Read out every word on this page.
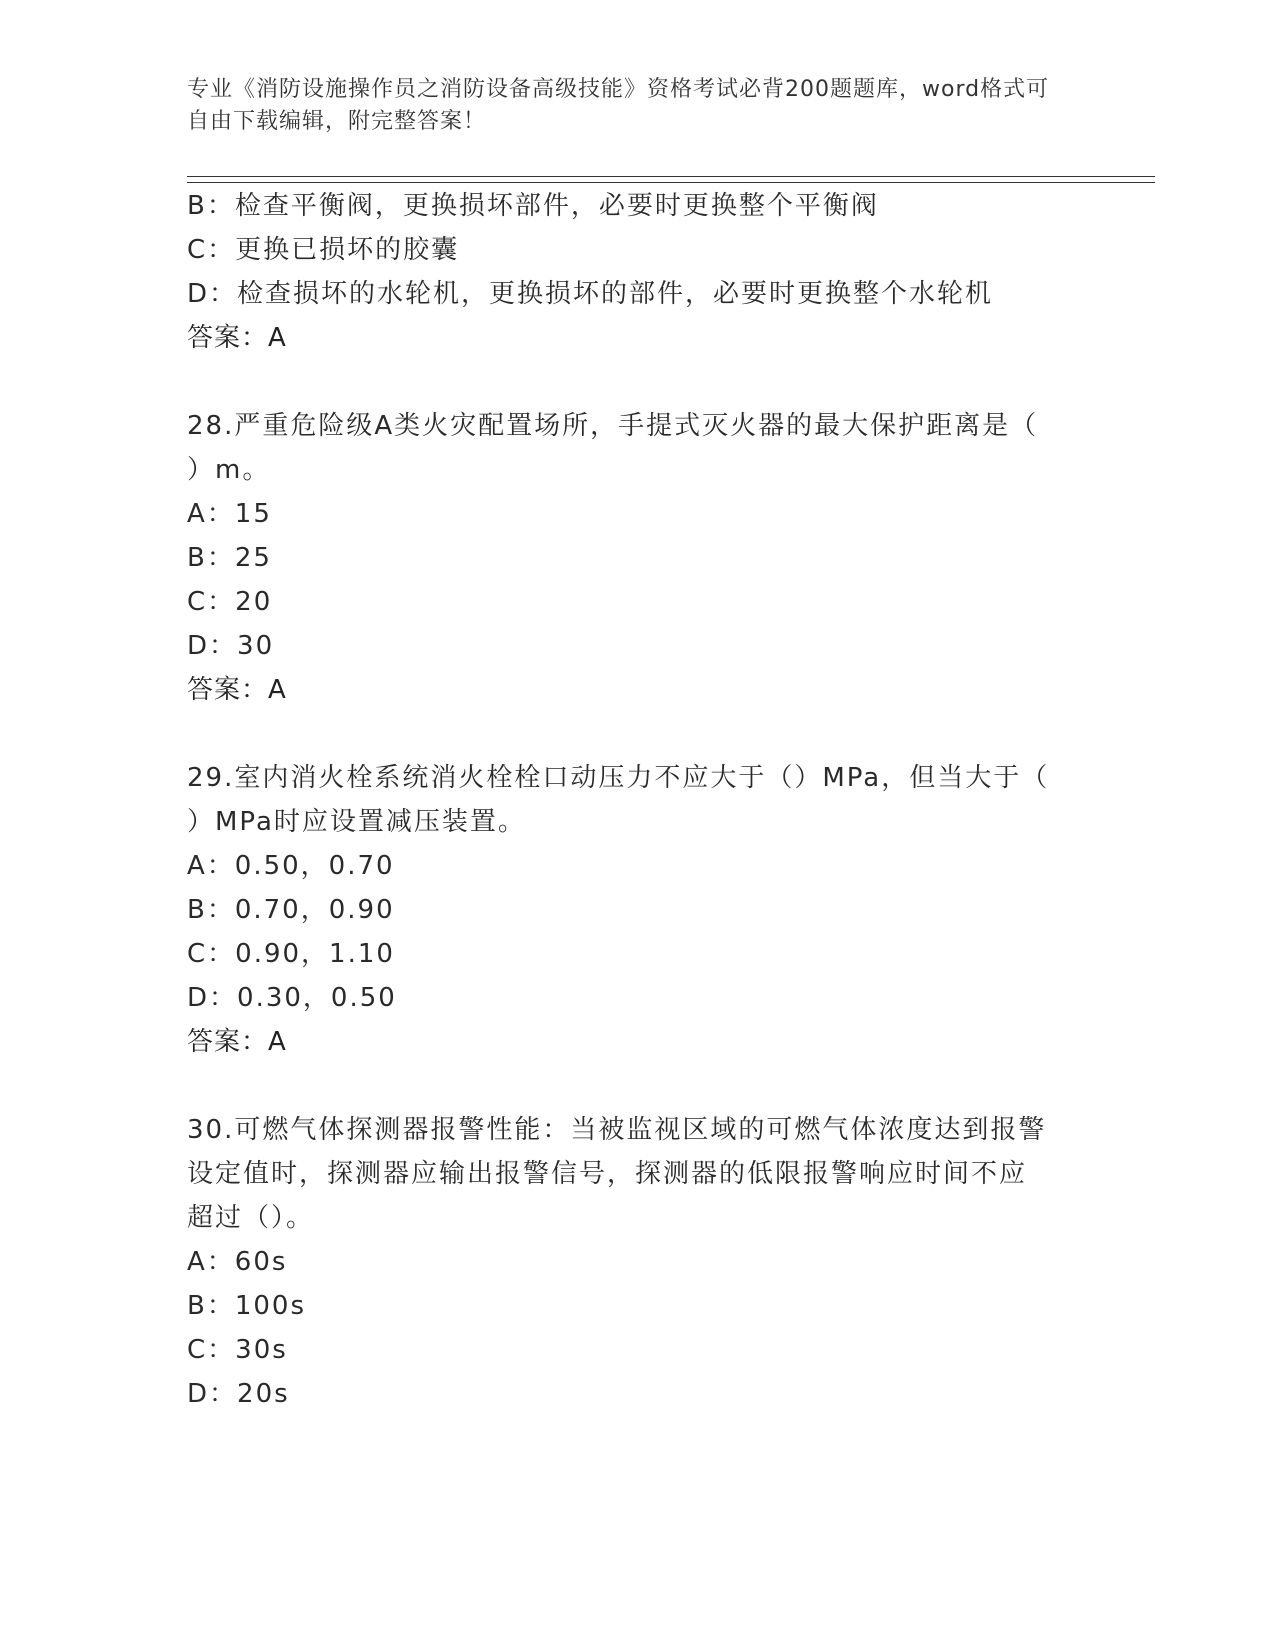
专业《消防设施操作员之消防设备高级技能》资格考试必背200题题库，word格式可自由下载编辑，附完整答案！
B：检查平衡阀，更换损坏部件，必要时更换整个平衡阀
C：更换已损坏的胶囊
D：检查损坏的水轮机，更换损坏的部件，必要时更换整个水轮机
答案：A
28.严重危险级A类火灾配置场所，手提式灭火器的最大保护距离是（
）m。
A：15
B：25
C：20
D：30
答案：A
29.室内消火栓系统消火栓栓口动压力不应大于（）MPa，但当大于（
）MPa时应设置减压装置。
A：0.50，0.70
B：0.70，0.90
C：0.90，1.10
D：0.30，0.50
答案：A
30.可燃气体探测器报警性能：当被监视区域的可燃气体浓度达到报警
设定值时，探测器应输出报警信号，探测器的低限报警响应时间不应
超过（）。
A：60s
B：100s
C：30s
D：20s
